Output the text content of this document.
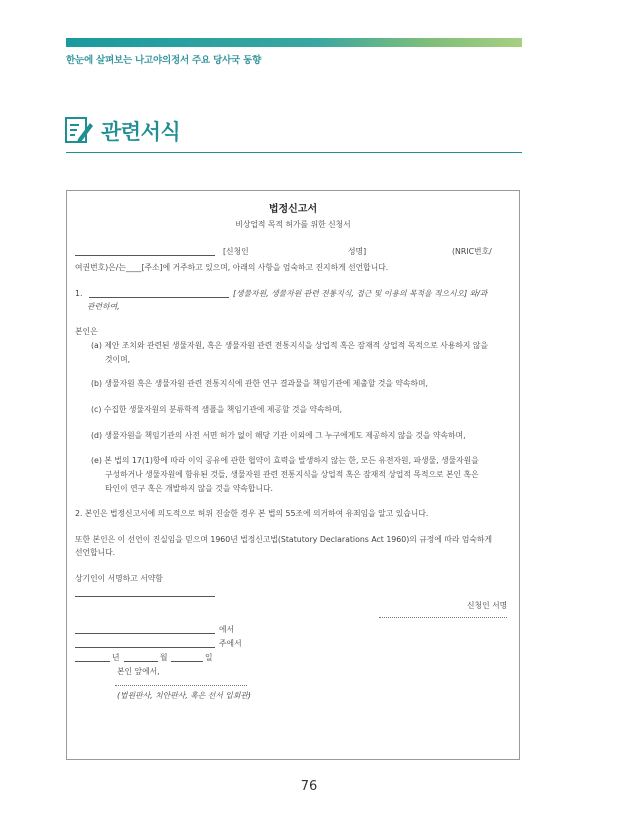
한눈에 살펴보는 나고야의정서 주요 당사국 동향
관련서식
법정신고서
비상업적 목적 허가를 위한 신청서
[신청인	성명]	(NRIC번호/
여권번호)은/는____[주소]에 거주하고 있으며, 아래의 사항을 엄숙하고 진지하게 선언합니다.
1.	[생물자원, 생물자원 관련 전통지식, 접근 및 이용의 목적을 적으시오] 와/과
관련하여,
본인은
(a) 제안 조치와 관련된 생물자원, 혹은 생물자원 관련 전통지식을 상업적 혹은 잠재적 상업적 목적으로 사용하지 않을
것이며,
(b) 생물자원 혹은 생물자원 관련 전통지식에 관한 연구 결과물을 책임기관에 제출할 것을 약속하며,
(c) 수집한 생물자원의 분류학적 샘플을 책임기관에 제공할 것을 약속하며,
(d) 생물자원을 책임기관의 사전 서면 허가 없이 해당 기관 이외에 그 누구에게도 제공하지 않을 것을 약속하며,
(e) 본 법의 17(1)항에 따라 이익 공유에 관한 협약이 효력을 발생하지 않는 한, 모든 유전자원, 파생물, 생물자원을
구성하거나 생물자원에 함유된 것들, 생물자원 관련 전통지식을 상업적 혹은 잠재적 상업적 목적으로 본인 혹은
타인이 연구 혹은 개발하지 않을 것을 약속합니다.
2. 본인은 법정신고서에 의도적으로 허위 진술한 경우 본 법의 55조에 의거하여 유죄임을 알고 있습니다.
또한 본인은 이 선언이 진실임을 믿으며 1960년 법정신고법(Statutory Declarations Act 1960)의 규정에 따라 엄숙하게
선언합니다.
상기인이 서명하고 서약함
신청인 서명
에서
주에서
년	월	일
본인 앞에서,
(법원판사, 치안판사, 혹은 선서 입회관)
76
